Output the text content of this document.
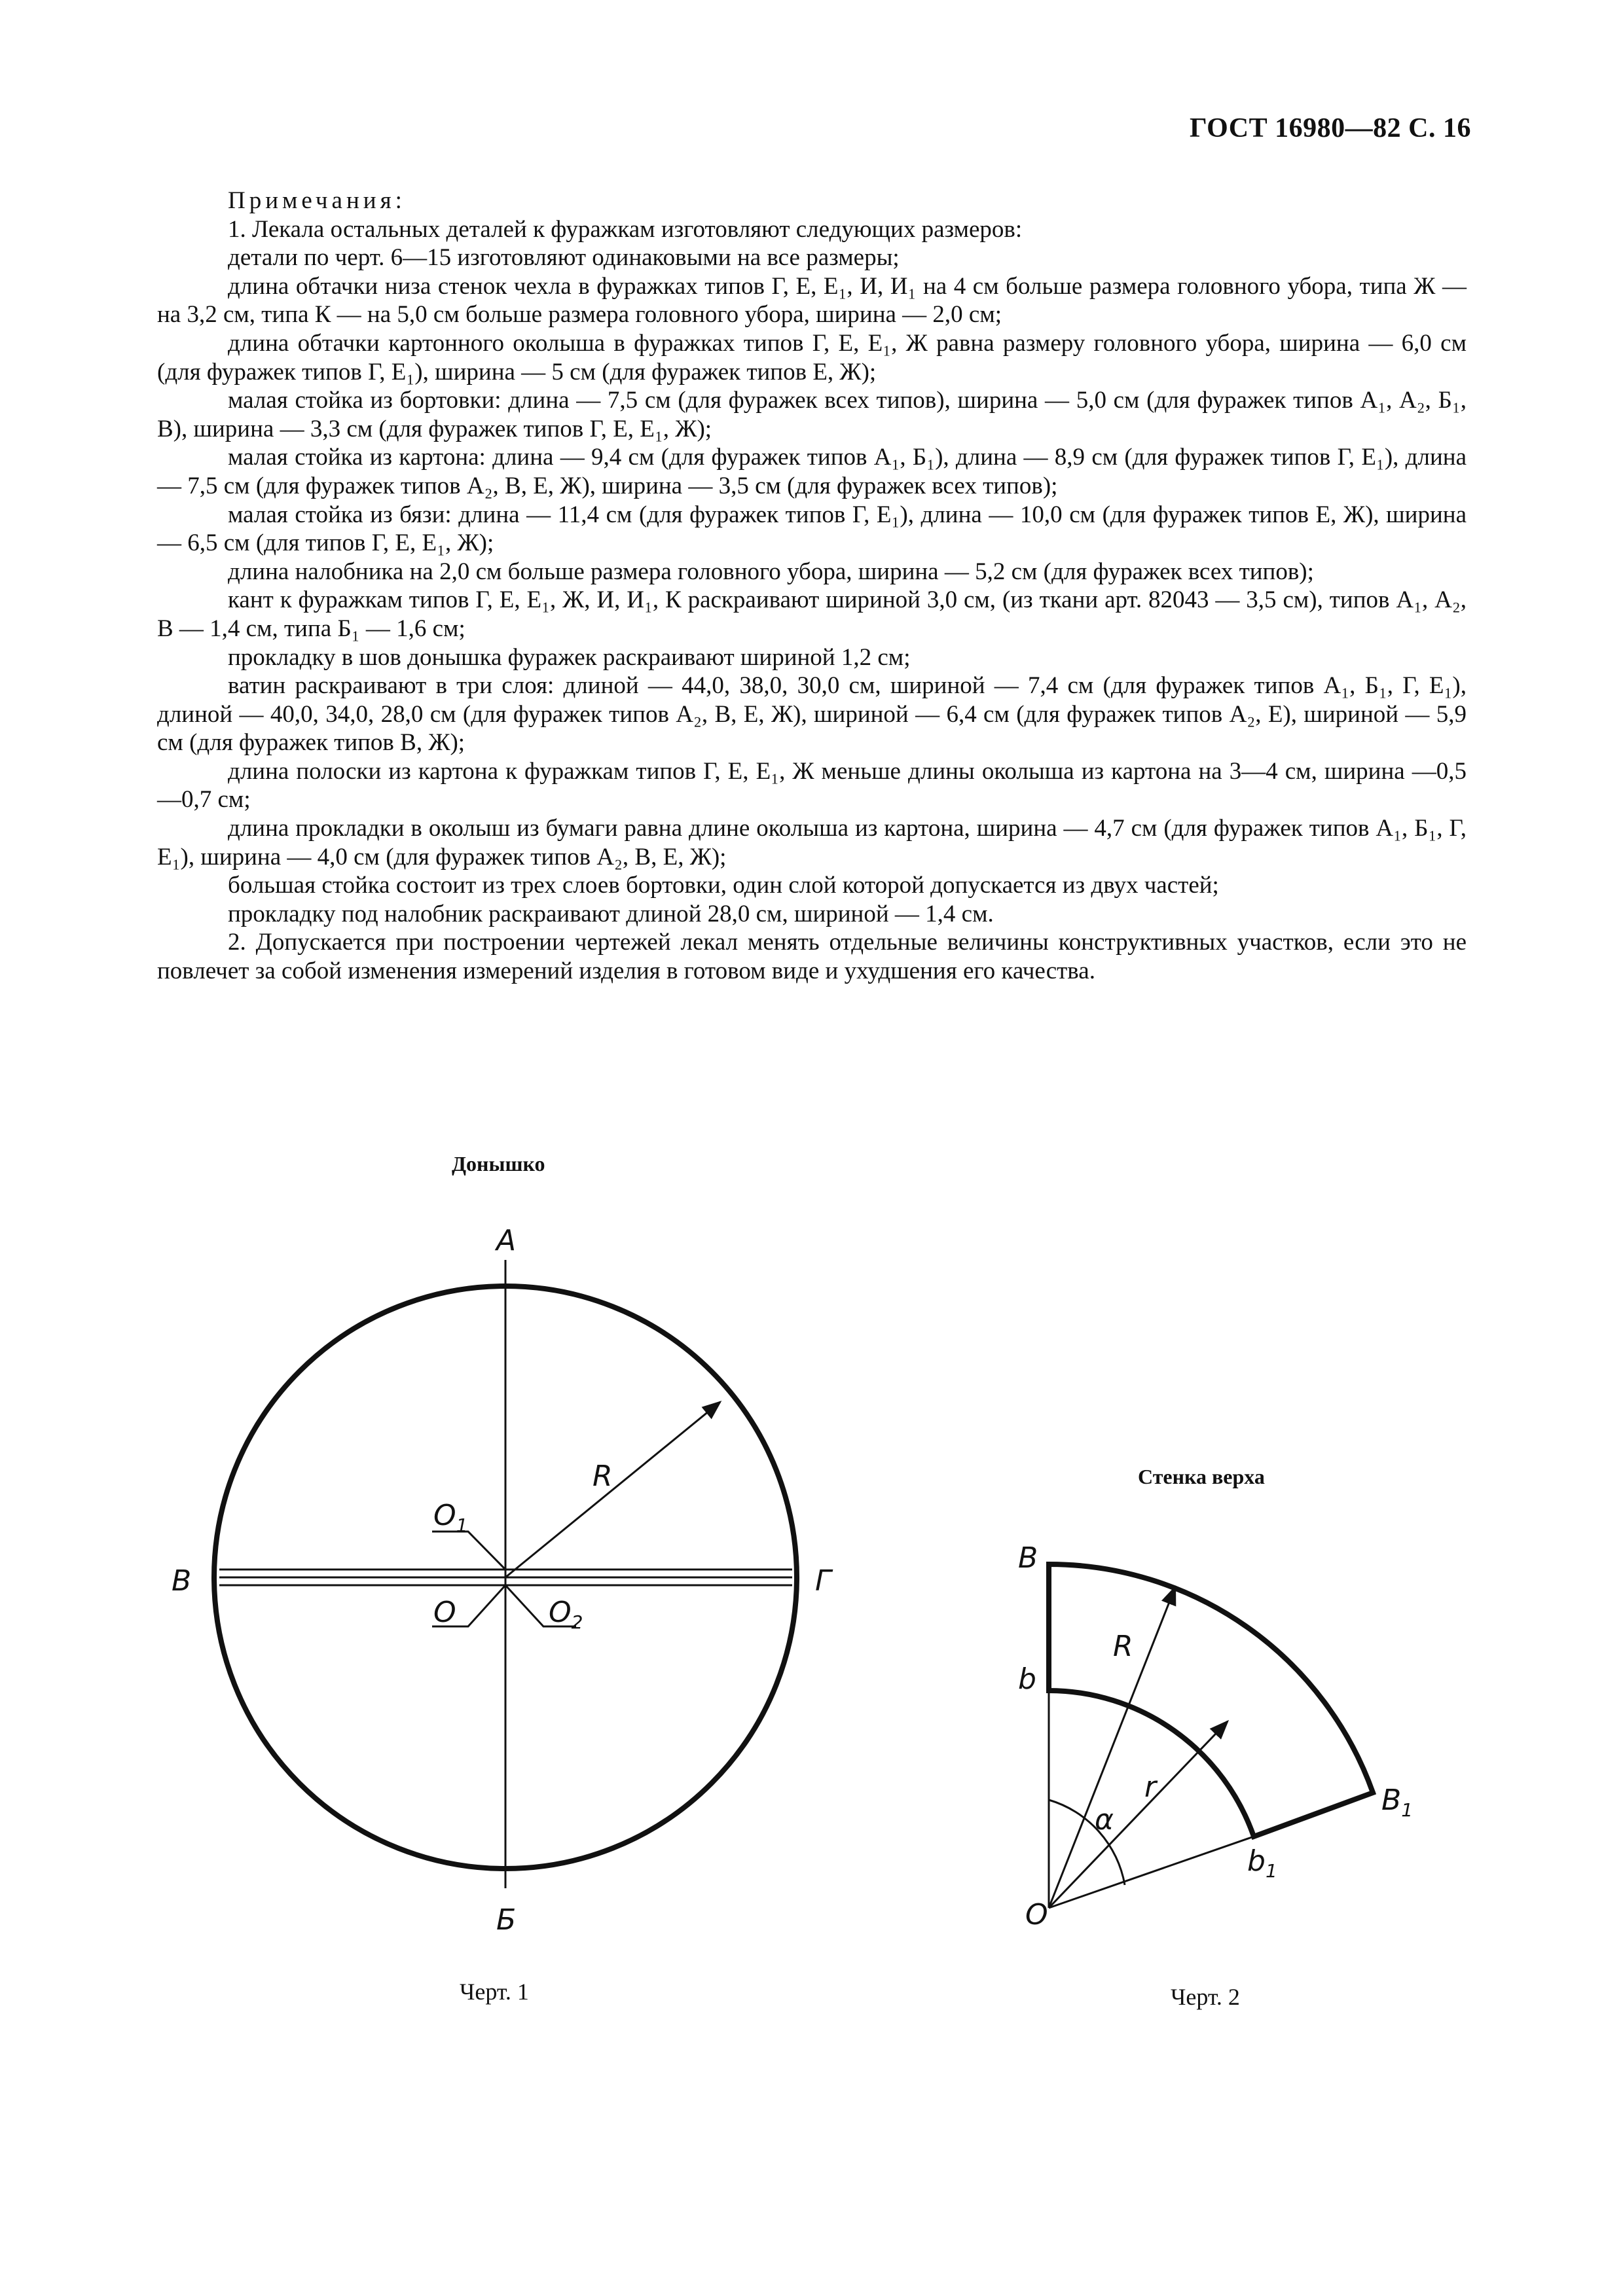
ГОСТ 16980—82 С. 16

Примечания:

1. Лекала остальных деталей к фуражкам изготовляют следующих размеров:

детали по черт. 6—15 изготовляют одинаковыми на все размеры;

длина обтачки низа стенок чехла в фуражках типов Г, Е, Е₁, И, И₁ на 4 см больше размера головного убора, типа Ж — на 3,2 см, типа К — на 5,0 см больше размера головного убора, ширина — 2,0 см;

длина обтачки картонного околыша в фуражках типов Г, Е, Е₁, Ж равна размеру головного убора, ширина — 6,0 см (для фуражек типов Г, Е₁), ширина — 5 см (для фуражек типов Е, Ж);

малая стойка из бортовки: длина — 7,5 см (для фуражек всех типов), ширина — 5,0 см (для фуражек типов А₁, А₂, Б₁, В), ширина — 3,3 см (для фуражек типов Г, Е, Е₁, Ж);

малая стойка из картона: длина — 9,4 см (для фуражек типов А₁, Б₁), длина — 8,9 см (для фуражек типов Г, Е₁), длина — 7,5 см (для фуражек типов А₂, В, Е, Ж), ширина — 3,5 см (для фуражек всех типов);

малая стойка из бязи: длина — 11,4 см (для фуражек типов Г, Е₁), длина — 10,0 см (для фуражек типов Е, Ж), ширина — 6,5 см (для типов Г, Е, Е₁, Ж);

длина налобника на 2,0 см больше размера головного убора, ширина — 5,2 см (для фуражек всех типов);

кант к фуражкам типов Г, Е, Е₁, Ж, И, И₁, К раскраивают шириной 3,0 см, (из ткани арт. 82043 — 3,5 см), типов А₁, А₂, В — 1,4 см, типа Б₁ — 1,6 см;

прокладку в шов донышка фуражек раскраивают шириной 1,2 см;

ватин раскраивают в три слоя: длиной — 44,0, 38,0, 30,0 см, шириной — 7,4 см (для фуражек типов А₁, Б₁, Г, Е₁), длиной — 40,0, 34,0, 28,0 см (для фуражек типов А₂, В, Е, Ж), шириной — 6,4 см (для фуражек типов А₂, Е), шириной — 5,9 см (для фуражек типов В, Ж);

длина полоски из картона к фуражкам типов Г, Е, Е₁, Ж меньше длины околыша из картона на 3—4 см, ширина —0,5—0,7 см;

длина прокладки в околыш из бумаги равна длине околыша из картона, ширина — 4,7 см (для фуражек типов А₁, Б₁, Г, Е₁), ширина — 4,0 см (для фуражек типов А₂, В, Е, Ж);

большая стойка состоит из трех слоев бортовки, один слой которой допускается из двух частей;

прокладку под налобник раскраивают длиной 28,0 см, шириной — 1,4 см.

2. Допускается при построении чертежей лекал менять отдельные величины конструктивных участков, если это не повлечет за собой изменения измерений изделия в готовом виде и ухудшения его качества.

Донышко
Стенка верха
А
Б
В	Г
R
$О_1$
О	$О_2$
В
b
$В_1$
$b_1$
О
R
r
α
Черт. 1	Черт. 2
